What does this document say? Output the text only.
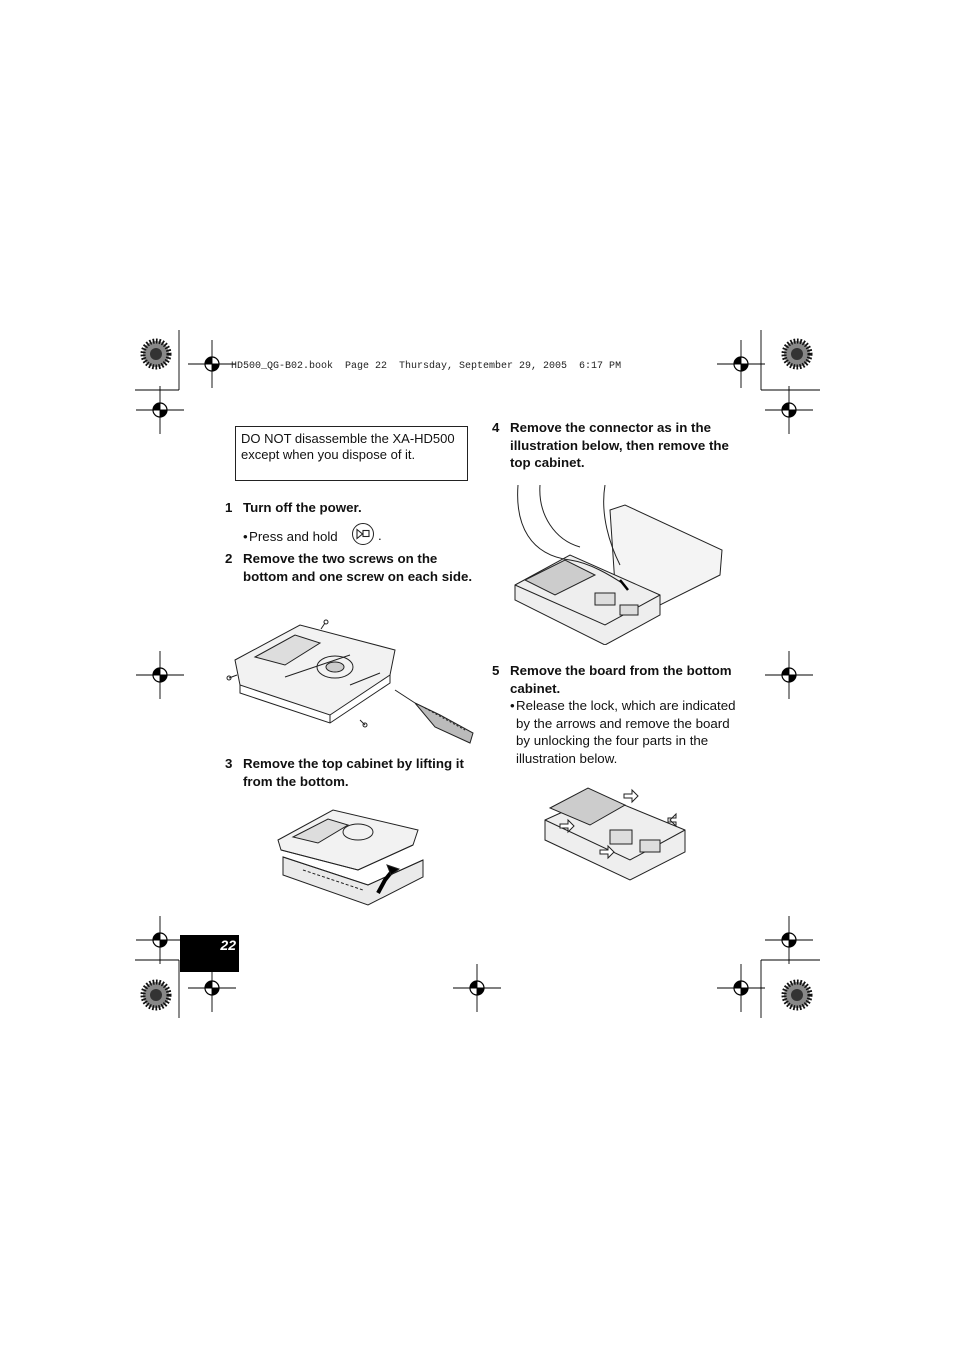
HD500_QG-B02.book  Page 22  Thursday, September 29, 2005  6:17 PM
DO NOT disassemble the XA-HD500 except when you dispose of it.
1 Turn off the power.
• Press and hold	.
2 Remove the two screws on the bottom and one screw on each side.
3 Remove the top cabinet by lifting it from the bottom.
4 Remove the connector as in the illustration below, then remove the top cabinet.
5 Remove the board from the bottom cabinet.
• Release the lock, which are indicated by the arrows and remove the board by unlocking the four parts in the illustration below.
22
